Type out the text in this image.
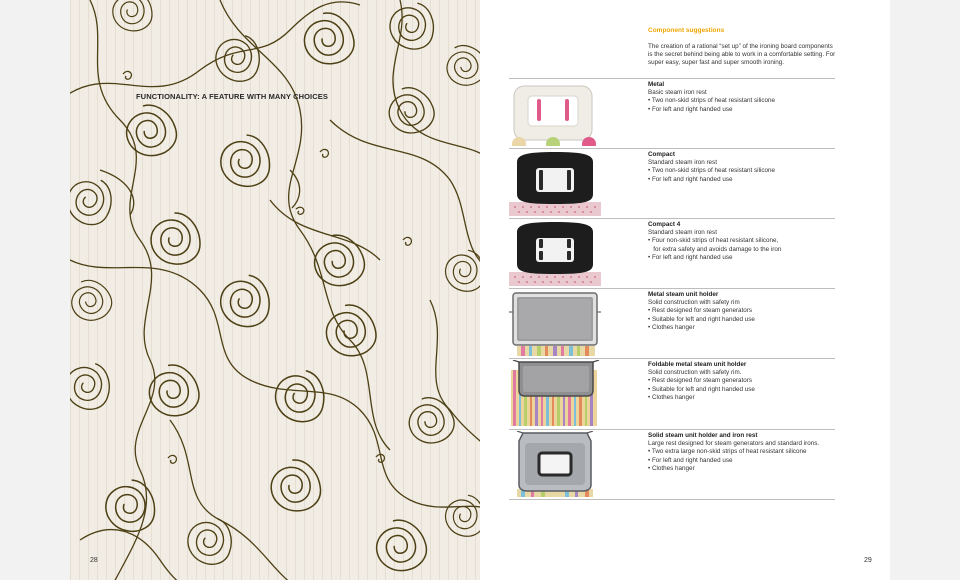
FUNCTIONALITY: A FEATURE WITH MANY CHOICES
28
Component suggestions
The creation of a rational “set up” of the ironing board components is the secret behind being able to work in a comfortable setting. For super easy, super fast and super smooth ironing.
Metal
Basic steam iron rest
• Two non-skid strips of heat resistant silicone
• For left and right handed use
Compact
Standard steam iron rest
• Two non-skid strips of heat resistant silicone
• For left and right handed use
Compact 4
Standard steam iron rest
• Four non-skid strips of heat resistant silicone,
for extra safety and avoids damage to the iron
• For left and right handed use
Metal steam unit holder
Solid construction with safety rim
• Rest designed for steam generators
• Suitable for left and right handed use
• Clothes hanger
Foldable metal steam unit holder
Solid construction with safety rim.
• Rest designed for steam generators
• Suitable for left and right handed use
• Clothes hanger
Solid steam unit holder and iron rest
Large rest designed for steam generators and standard irons.
• Two extra large non-skid strips of heat resistant silicone
• For left and right handed use
• Clothes hanger
29
